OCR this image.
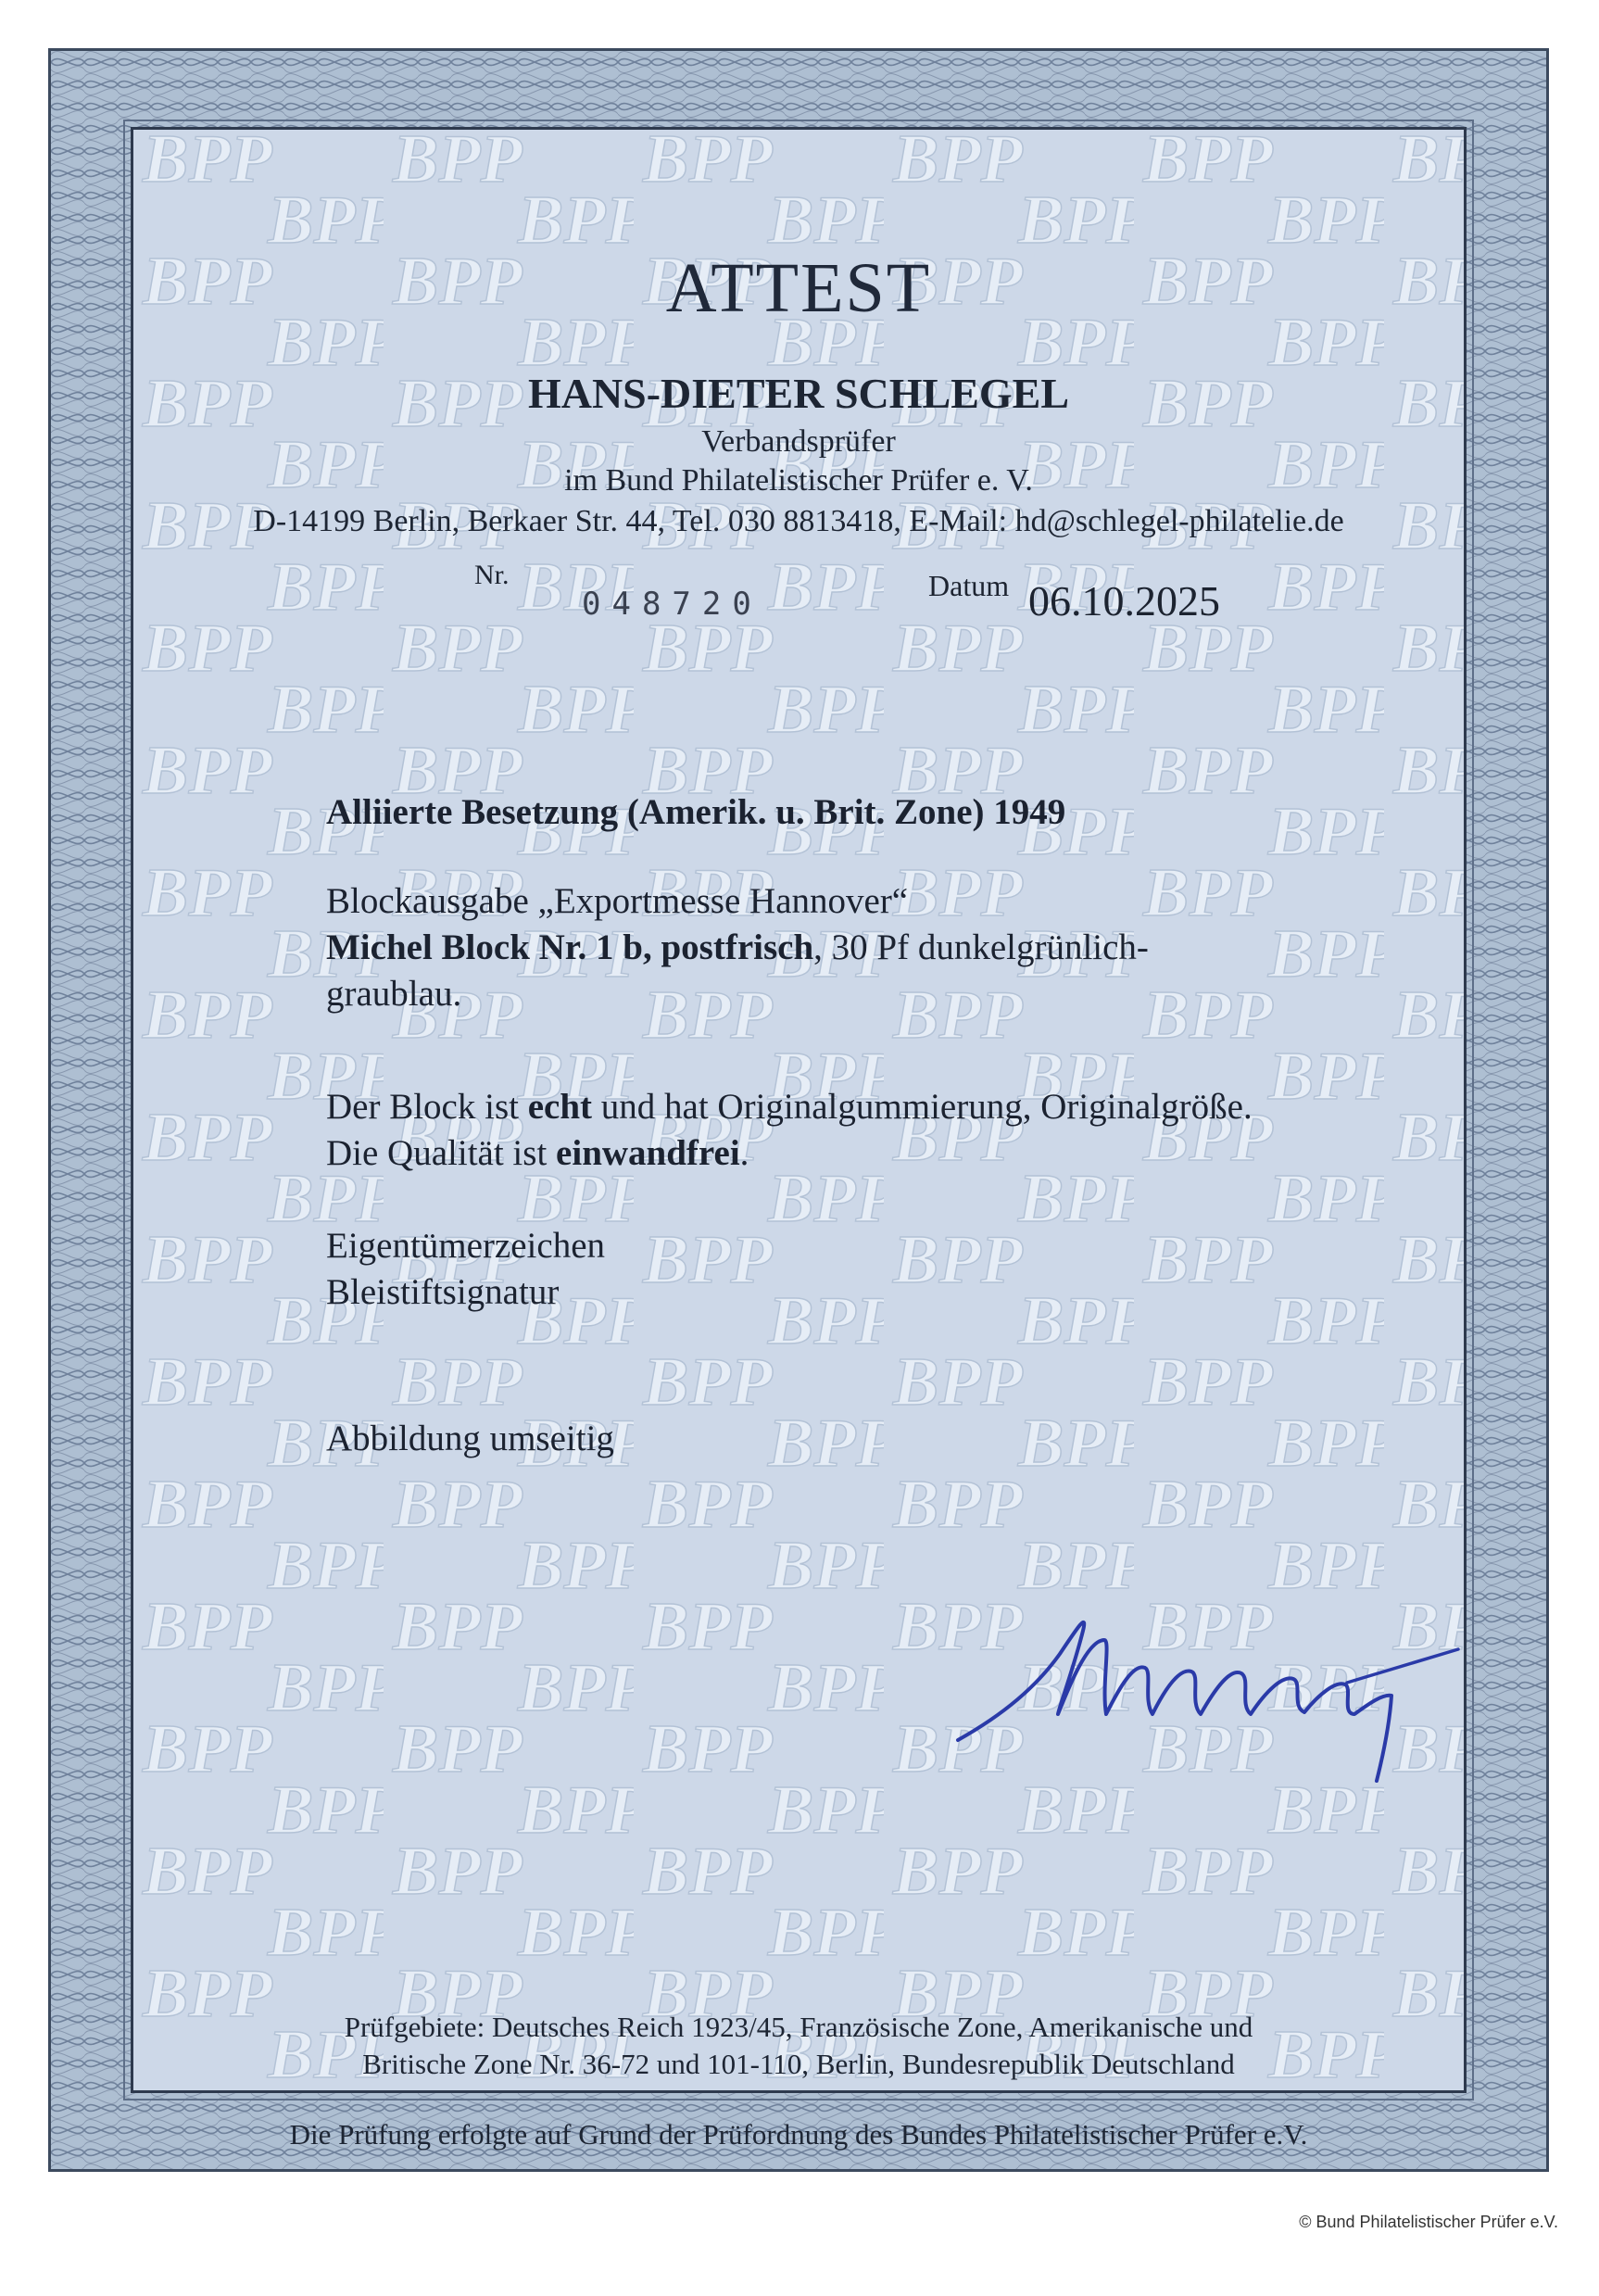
ATTEST
HANS-DIETER SCHLEGEL
Verbandsprüfer
im Bund Philatelistischer Prüfer e. V.
D-14199 Berlin, Berkaer Str. 44, Tel. 030 8813418, E-Mail: hd@schlegel-philatelie.de
Nr.
048720	Datum 06.10.2025
Alliierte Besetzung (Amerik. u. Brit. Zone) 1949
Blockausgabe „Exportmesse Hannover“
Michel Block Nr. 1 b, postfrisch, 30 Pf dunkelgrünlich-
graublau.
Der Block ist echt und hat Originalgummierung, Originalgröße.
Die Qualität ist einwandfrei.
Eigentümerzeichen
Bleistiftsignatur
Abbildung umseitig
Prüfgebiete: Deutsches Reich 1923/45, Französische Zone, Amerikanische und
Britische Zone Nr. 36-72 und 101-110, Berlin, Bundesrepublik Deutschland
Die Prüfung erfolgte auf Grund der Prüfordnung des Bundes Philatelistischer Prüfer e.V.
© Bund Philatelistischer Prüfer e.V.
